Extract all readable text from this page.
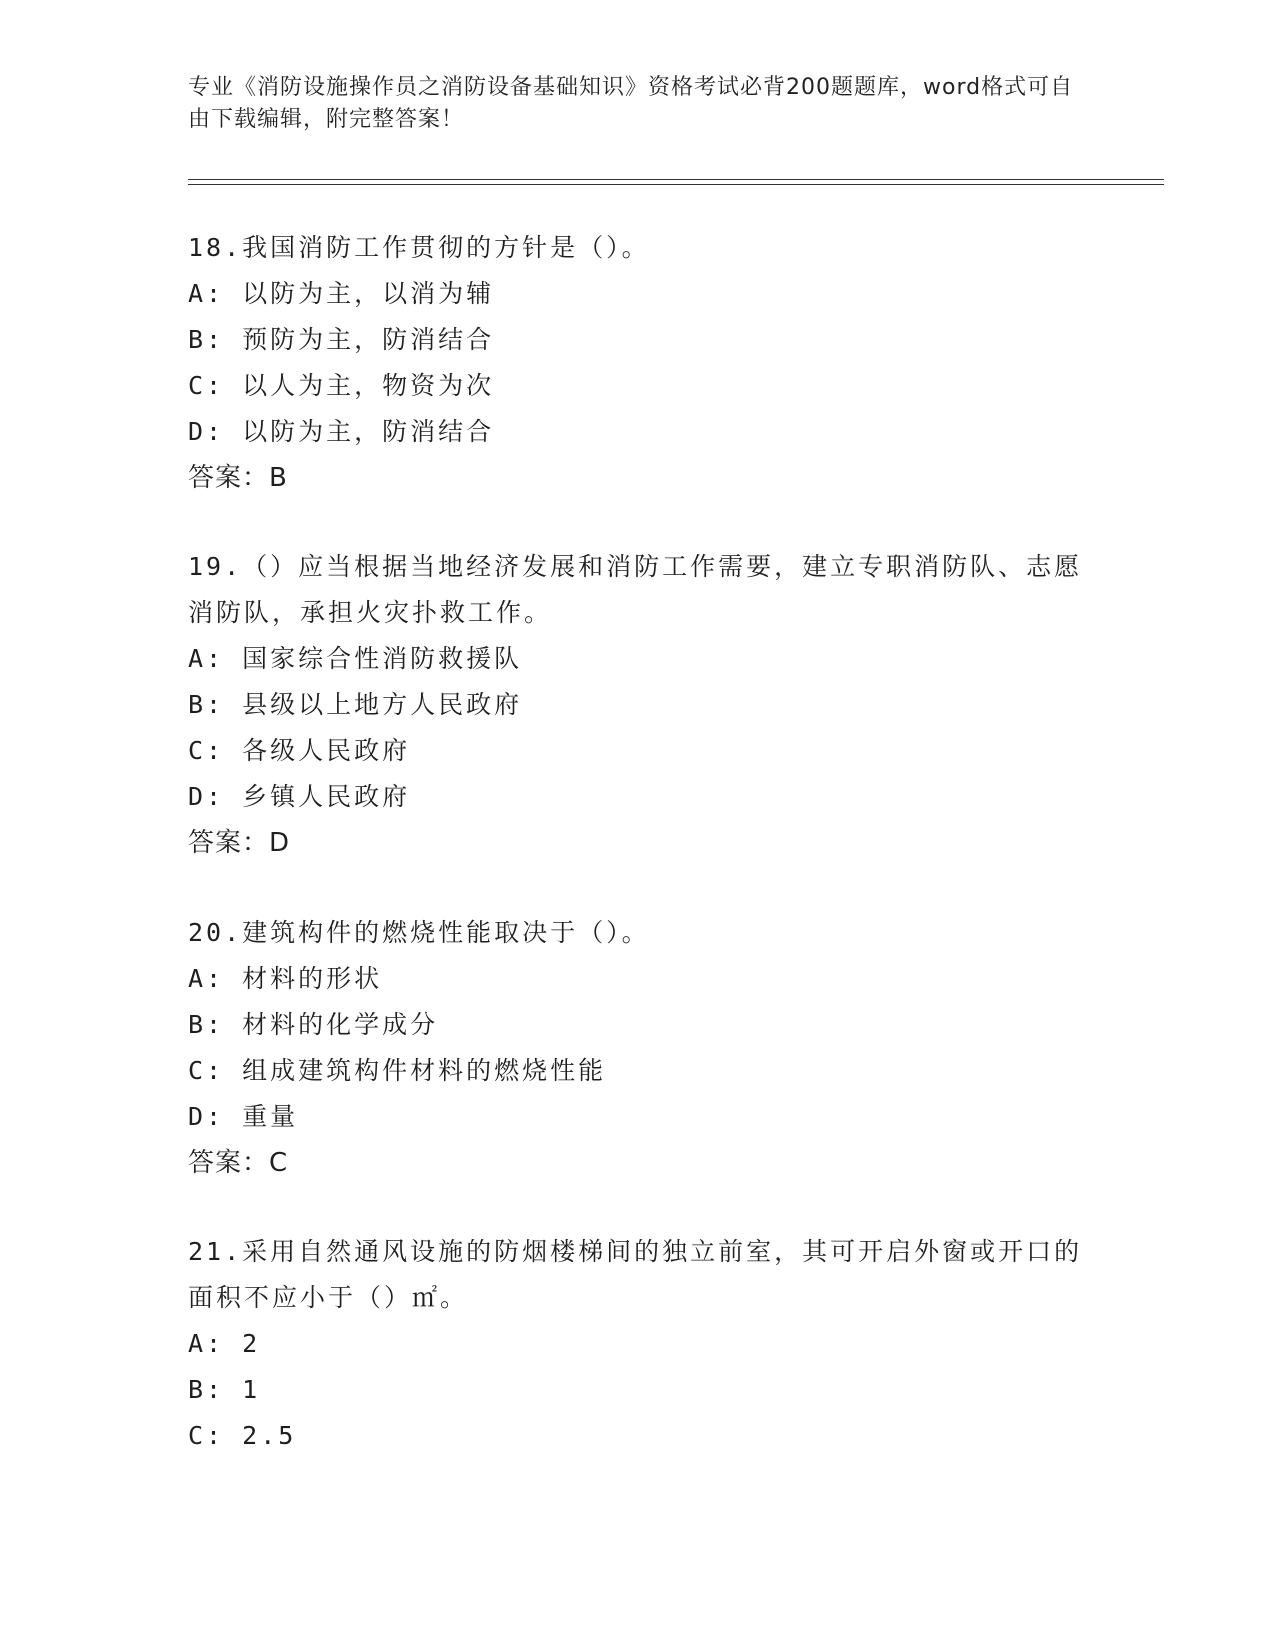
专业《消防设施操作员之消防设备基础知识》资格考试必背200题题库，word格式可自由下载编辑，附完整答案！

18.我国消防工作贯彻的方针是（）。

A: 以防为主，以消为辅

B: 预防为主，防消结合

C: 以人为主，物资为次

D: 以防为主，防消结合

答案：B

19.（）应当根据当地经济发展和消防工作需要，建立专职消防队、志愿消防队，承担火灾扑救工作。

A: 国家综合性消防救援队

B: 县级以上地方人民政府

C: 各级人民政府

D: 乡镇人民政府

答案：D

20.建筑构件的燃烧性能取决于（）。

A: 材料的形状

B: 材料的化学成分

C: 组成建筑构件材料的燃烧性能

D: 重量

答案：C

21.采用自然通风设施的防烟楼梯间的独立前室，其可开启外窗或开口的面积不应小于（）㎡。

A: 2

B: 1

C: 2.5
